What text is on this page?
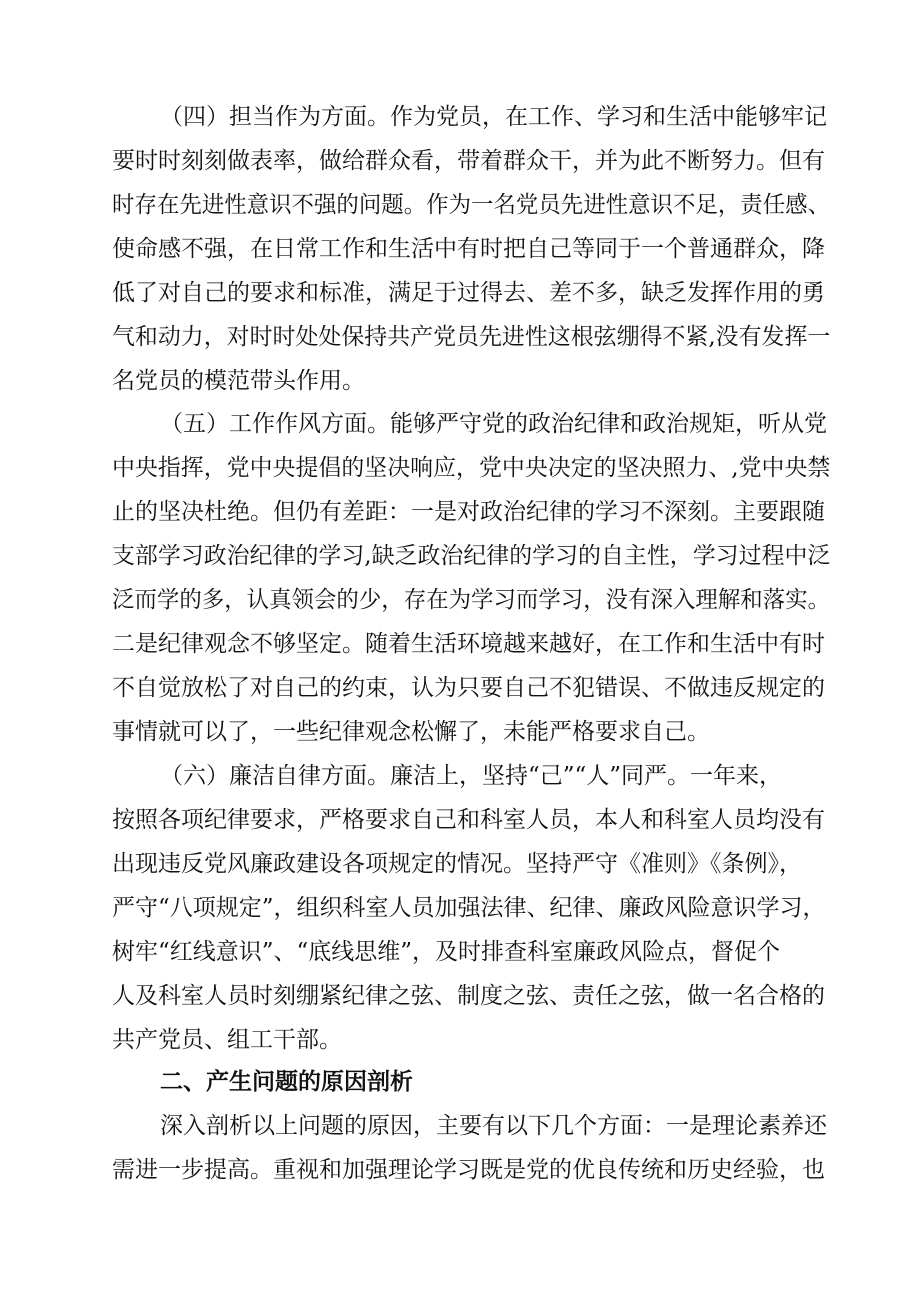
（四）担当作为方面。作为党员，在工作、学习和生活中能够牢记
要时时刻刻做表率，做给群众看，带着群众干，并为此不断努力。但有
时存在先进性意识不强的问题。作为一名党员先进性意识不足，责任感、
使命感不强，在日常工作和生活中有时把自己等同于一个普通群众，降
低了对自己的要求和标准，满足于过得去、差不多，缺乏发挥作用的勇
气和动力，对时时处处保持共产党员先进性这根弦绷得不紧,没有发挥一
名党员的模范带头作用。
（五）工作作风方面。能够严守党的政治纪律和政治规矩，听从党
中央指挥，党中央提倡的坚决响应，党中央决定的坚决照力、,党中央禁
止的坚决杜绝。但仍有差距：一是对政治纪律的学习不深刻。主要跟随
支部学习政治纪律的学习,缺乏政治纪律的学习的自主性，学习过程中泛
泛而学的多，认真领会的少，存在为学习而学习，没有深入理解和落实。
二是纪律观念不够坚定。随着生活环境越来越好，在工作和生活中有时
不自觉放松了对自己的约束，认为只要自己不犯错误、不做违反规定的
事情就可以了，一些纪律观念松懈了，未能严格要求自己。
（六）廉洁自律方面。廉洁上，坚持“己”“人”同严。一年来，
按照各项纪律要求，严格要求自己和科室人员，本人和科室人员均没有
出现违反党风廉政建设各项规定的情况。坚持严守《准则》《条例》，
严守“八项规定”，组织科室人员加强法律、纪律、廉政风险意识学习，
树牢“红线意识”、“底线思维”，及时排查科室廉政风险点，督促个
人及科室人员时刻绷紧纪律之弦、制度之弦、责任之弦，做一名合格的
共产党员、组工干部。
二、产生问题的原因剖析
深入剖析以上问题的原因，主要有以下几个方面：一是理论素养还
需进一步提高。重视和加强理论学习既是党的优良传统和历史经验，也
